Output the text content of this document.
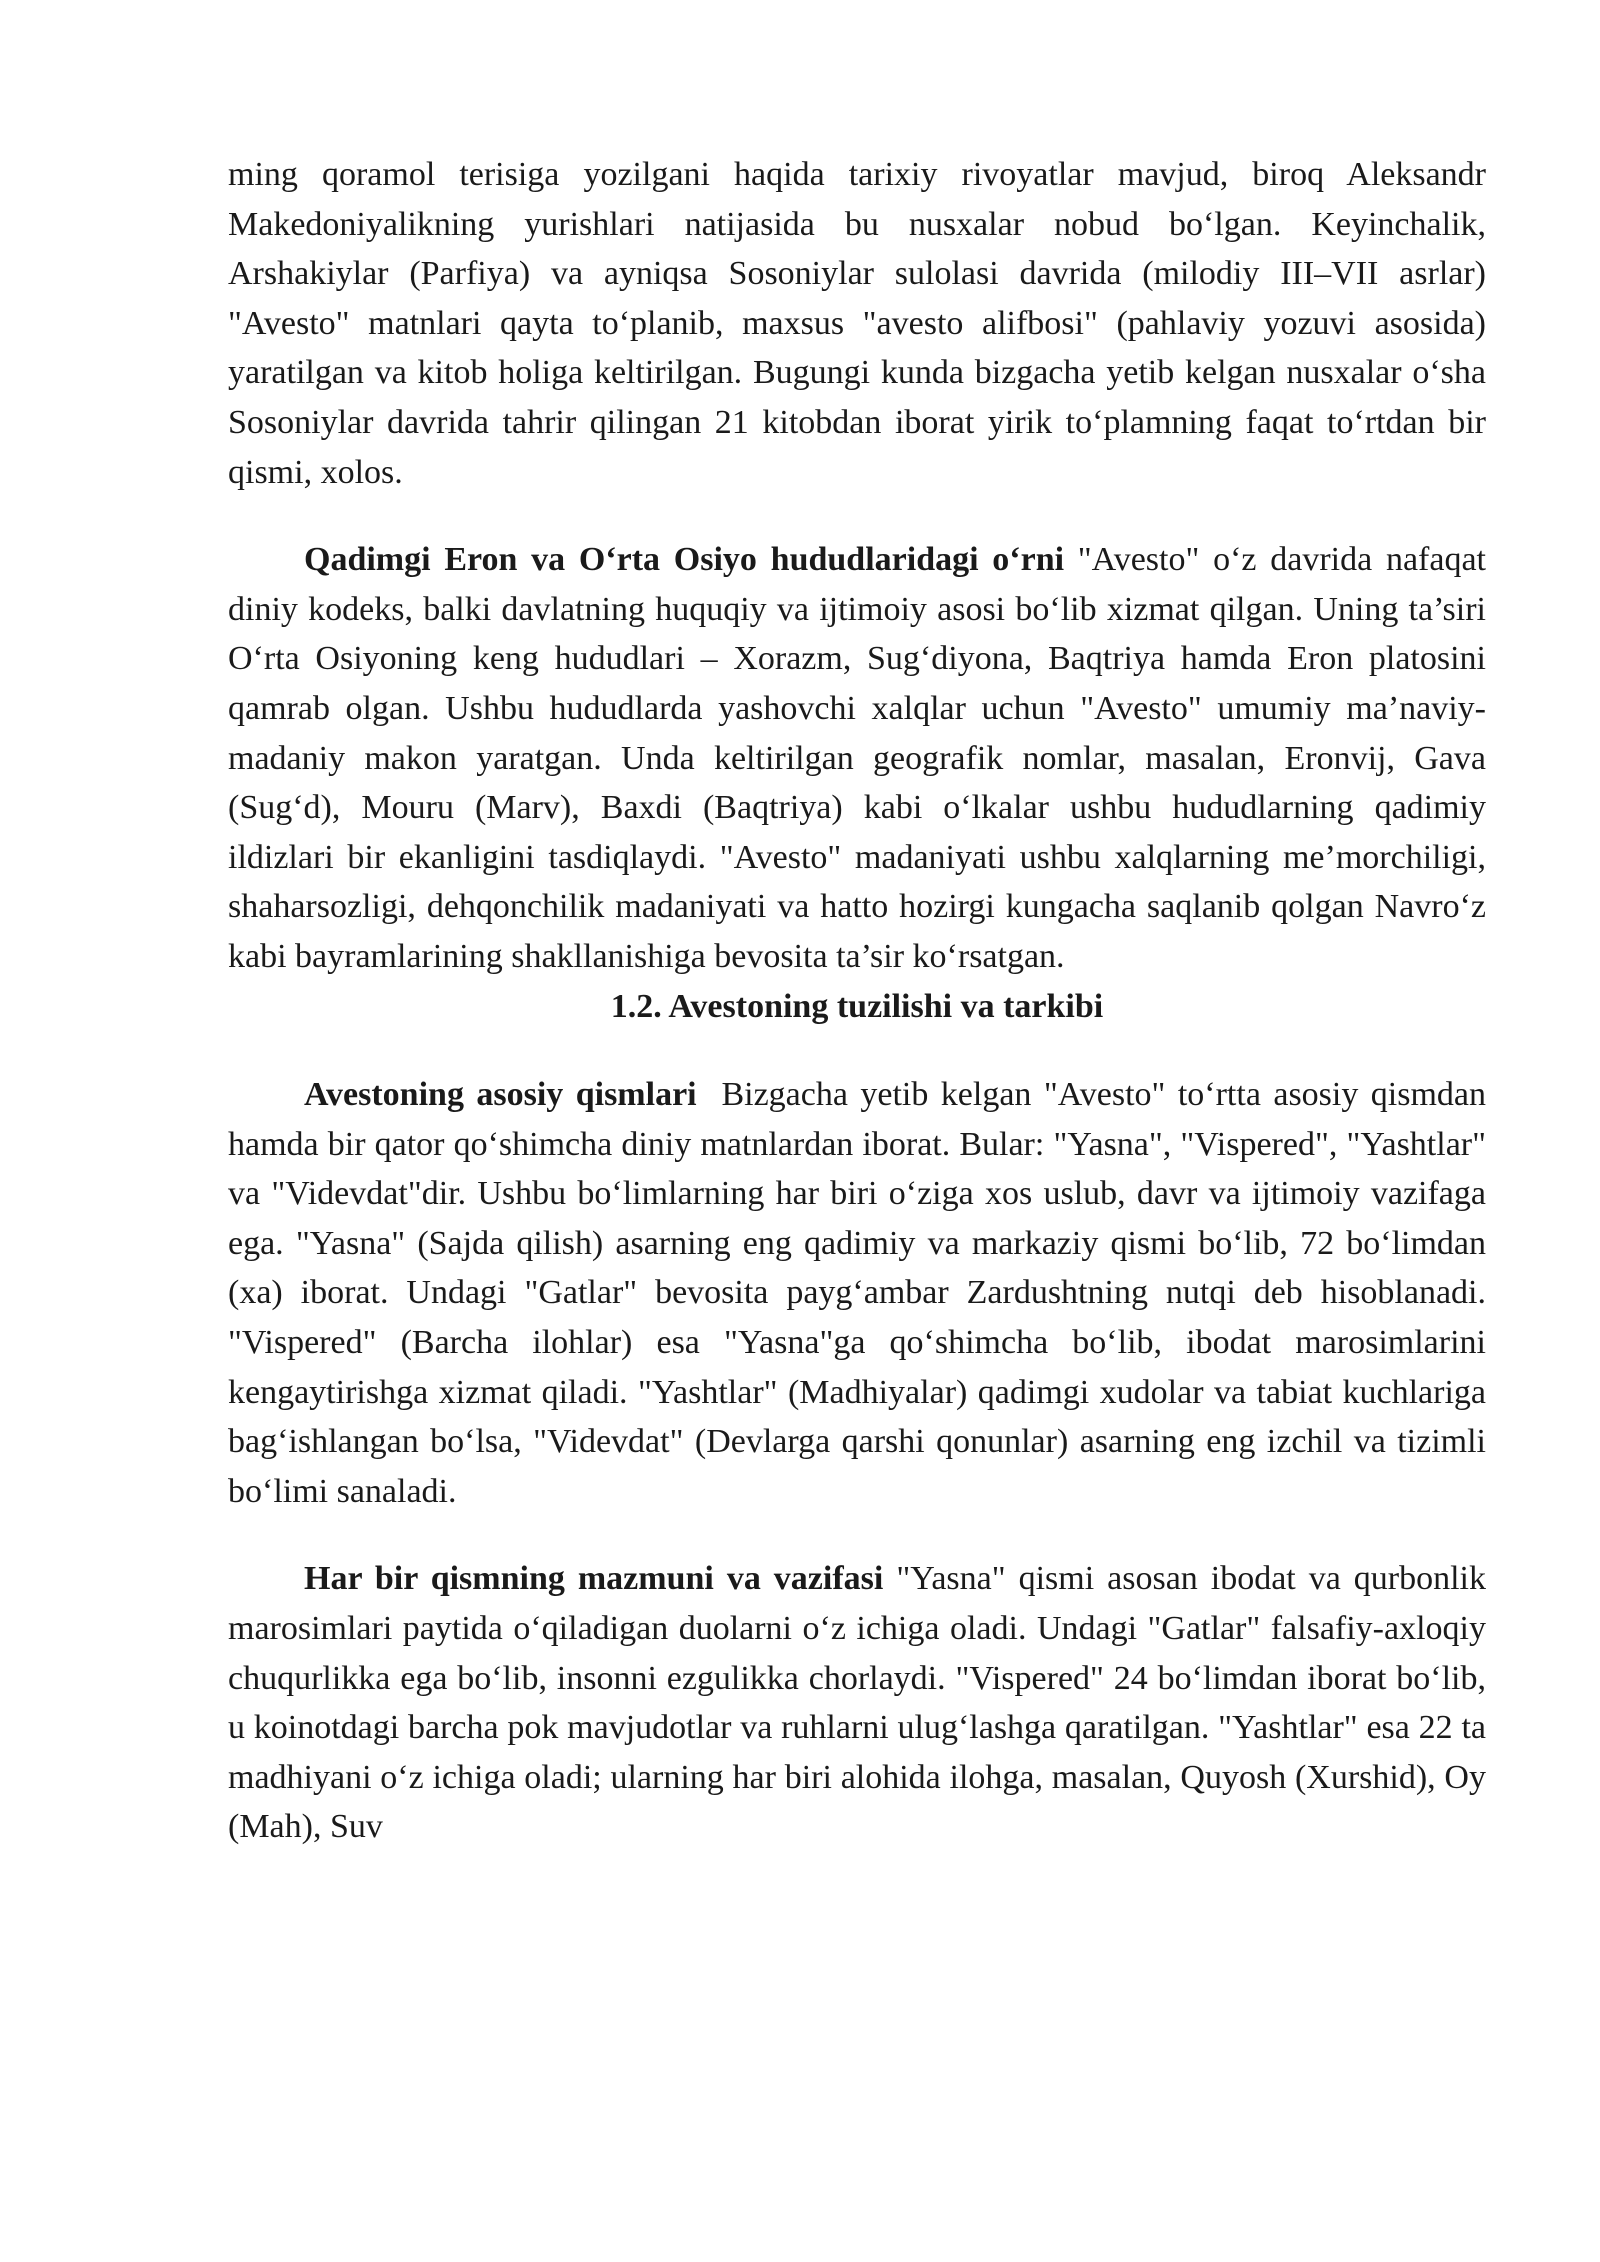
ming qoramol terisiga yozilgani haqida tarixiy rivoyatlar mavjud, biroq Aleksandr Makedoniyalikning yurishlari natijasida bu nusxalar nobud bo‘lgan. Keyinchalik, Arshakiylar (Parfiya) va ayniqsa Sosoniylar sulolasi davrida (milodiy III–VII asrlar) "Avesto" matnlari qayta to‘planib, maxsus "avesto alifbosi" (pahlaviy yozuvi asosida) yaratilgan va kitob holiga keltirilgan. Bugungi kunda bizgacha yetib kelgan nusxalar o‘sha Sosoniylar davrida tahrir qilingan 21 kitobdan iborat yirik to‘plamning faqat to‘rtdan bir qismi, xolos.

Qadimgi Eron va O‘rta Osiyo hududlaridagi o‘rni "Avesto" o‘z davrida nafaqat diniy kodeks, balki davlatning huquqiy va ijtimoiy asosi bo‘lib xizmat qilgan. Uning ta’siri O‘rta Osiyoning keng hududlari – Xorazm, Sug‘diyona, Baqtriya hamda Eron platosini qamrab olgan. Ushbu hududlarda yashovchi xalqlar uchun "Avesto" umumiy ma’naviy-madaniy makon yaratgan. Unda keltirilgan geografik nomlar, masalan, Eronvij, Gava (Sug‘d), Mouru (Marv), Baxdi (Baqtriya) kabi o‘lkalar ushbu hududlarning qadimiy ildizlari bir ekanligini tasdiqlaydi. "Avesto" madaniyati ushbu xalqlarning me’morchiligi, shaharsozligi, dehqonchilik madaniyati va hatto hozirgi kungacha saqlanib qolgan Navro‘z kabi bayramlarining shakllanishiga bevosita ta’sir ko‘rsatgan.

1.2. Avestoning tuzilishi va tarkibi

Avestoning asosiy qismlari  Bizgacha yetib kelgan "Avesto" to‘rtta asosiy qismdan hamda bir qator qo‘shimcha diniy matnlardan iborat. Bular: "Yasna", "Vispered", "Yashtlar" va "Videvdat"dir. Ushbu bo‘limlarning har biri o‘ziga xos uslub, davr va ijtimoiy vazifaga ega. "Yasna" (Sajda qilish) asarning eng qadimiy va markaziy qismi bo‘lib, 72 bo‘limdan (xa) iborat. Undagi "Gatlar" bevosita payg‘ambar Zardushtning nutqi deb hisoblanadi. "Vispered" (Barcha ilohlar) esa "Yasna"ga qo‘shimcha bo‘lib, ibodat marosimlarini kengaytirishga xizmat qiladi. "Yashtlar" (Madhiyalar) qadimgi xudolar va tabiat kuchlariga bag‘ishlangan bo‘lsa, "Videvdat" (Devlarga qarshi qonunlar) asarning eng izchil va tizimli bo‘limi sanaladi.

Har bir qismning mazmuni va vazifasi "Yasna" qismi asosan ibodat va qurbonlik marosimlari paytida o‘qiladigan duolarni o‘z ichiga oladi. Undagi "Gatlar" falsafiy-axloqiy chuqurlikka ega bo‘lib, insonni ezgulikka chorlaydi. "Vispered" 24 bo‘limdan iborat bo‘lib, u koinotdagi barcha pok mavjudotlar va ruhlarni ulug‘lashga qaratilgan. "Yashtlar" esa 22 ta madhiyani o‘z ichiga oladi; ularning har biri alohida ilohga, masalan, Quyosh (Xurshid), Oy (Mah), Suv
